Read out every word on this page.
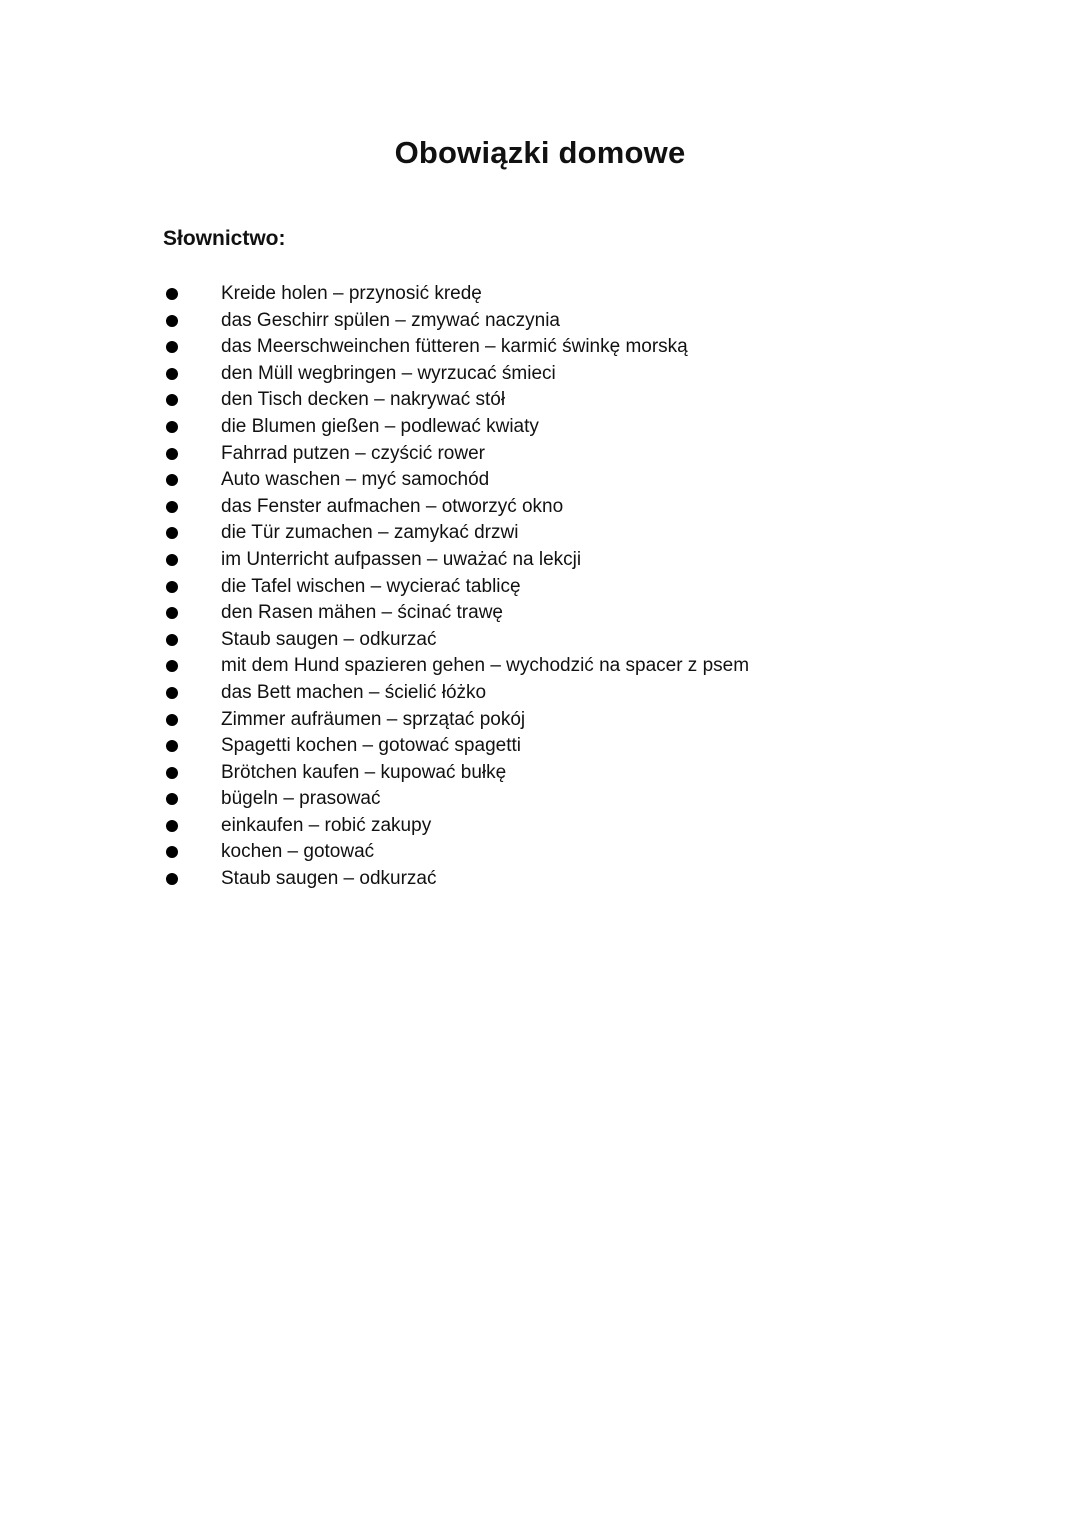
Obowiązki domowe
Słownictwo:
Kreide holen – przynosić kredę
das Geschirr spülen – zmywać naczynia
das Meerschweinchen fütteren – karmić świnkę morską
den Müll wegbringen – wyrzucać śmieci
den Tisch decken – nakrywać stół
die Blumen gießen – podlewać kwiaty
Fahrrad putzen – czyścić rower
Auto waschen – myć samochód
das Fenster aufmachen – otworzyć okno
die Tür zumachen – zamykać drzwi
im Unterricht aufpassen – uważać na lekcji
die Tafel wischen – wycierać tablicę
den Rasen mähen – ścinać trawę
Staub saugen – odkurzać
mit dem Hund spazieren gehen – wychodzić na spacer z psem
das Bett machen – ścielić łóżko
Zimmer aufräumen – sprzątać pokój
Spagetti kochen – gotować spagetti
Brötchen kaufen – kupować bułkę
bügeln – prasować
einkaufen – robić zakupy
kochen – gotować
Staub saugen – odkurzać
